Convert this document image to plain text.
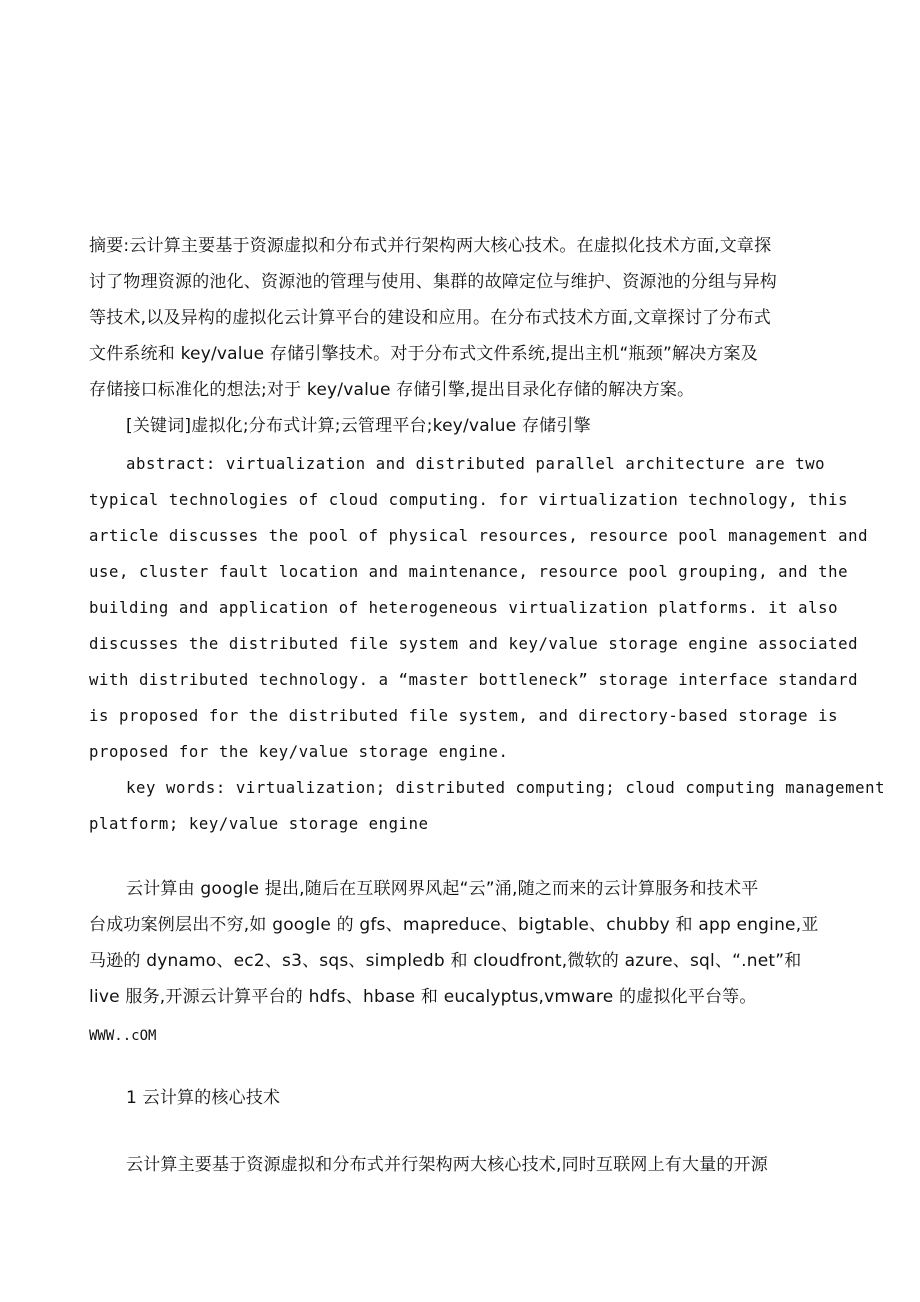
摘要:云计算主要基于资源虚拟和分布式并行架构两大核心技术。在虚拟化技术方面,文章探

讨了物理资源的池化、资源池的管理与使用、集群的故障定位与维护、资源池的分组与异构

等技术,以及异构的虚拟化云计算平台的建设和应用。在分布式技术方面,文章探讨了分布式

文件系统和 key/value 存储引擎技术。对于分布式文件系统,提出主机“瓶颈”解决方案及

存储接口标准化的想法;对于 key/value 存储引擎,提出目录化存储的解决方案。

[关键词]虚拟化;分布式计算;云管理平台;key/value 存储引擎

abstract: virtualization and distributed parallel architecture are two

typical technologies of cloud computing. for virtualization technology, this

article discusses the pool of physical resources, resource pool management and

use, cluster fault location and maintenance, resource pool grouping, and the

building and application of heterogeneous virtualization platforms. it also

discusses the distributed file system and key/value storage engine associated

with distributed technology. a “master bottleneck” storage interface standard

is proposed for the distributed file system, and directory-based storage is

proposed for the key/value storage engine.

key words: virtualization; distributed computing; cloud computing management

platform; key/value storage engine

云计算由 google 提出,随后在互联网界风起“云”涌,随之而来的云计算服务和技术平

台成功案例层出不穷,如 google 的 gfs、mapreduce、bigtable、chubby 和 app engine,亚

马逊的 dynamo、ec2、s3、sqs、simpledb 和 cloudfront,微软的 azure、sql、“.net”和

live 服务,开源云计算平台的 hdfs、hbase 和 eucalyptus,vmware 的虚拟化平台等。

WWW..cOM

1 云计算的核心技术

云计算主要基于资源虚拟和分布式并行架构两大核心技术,同时互联网上有大量的开源
